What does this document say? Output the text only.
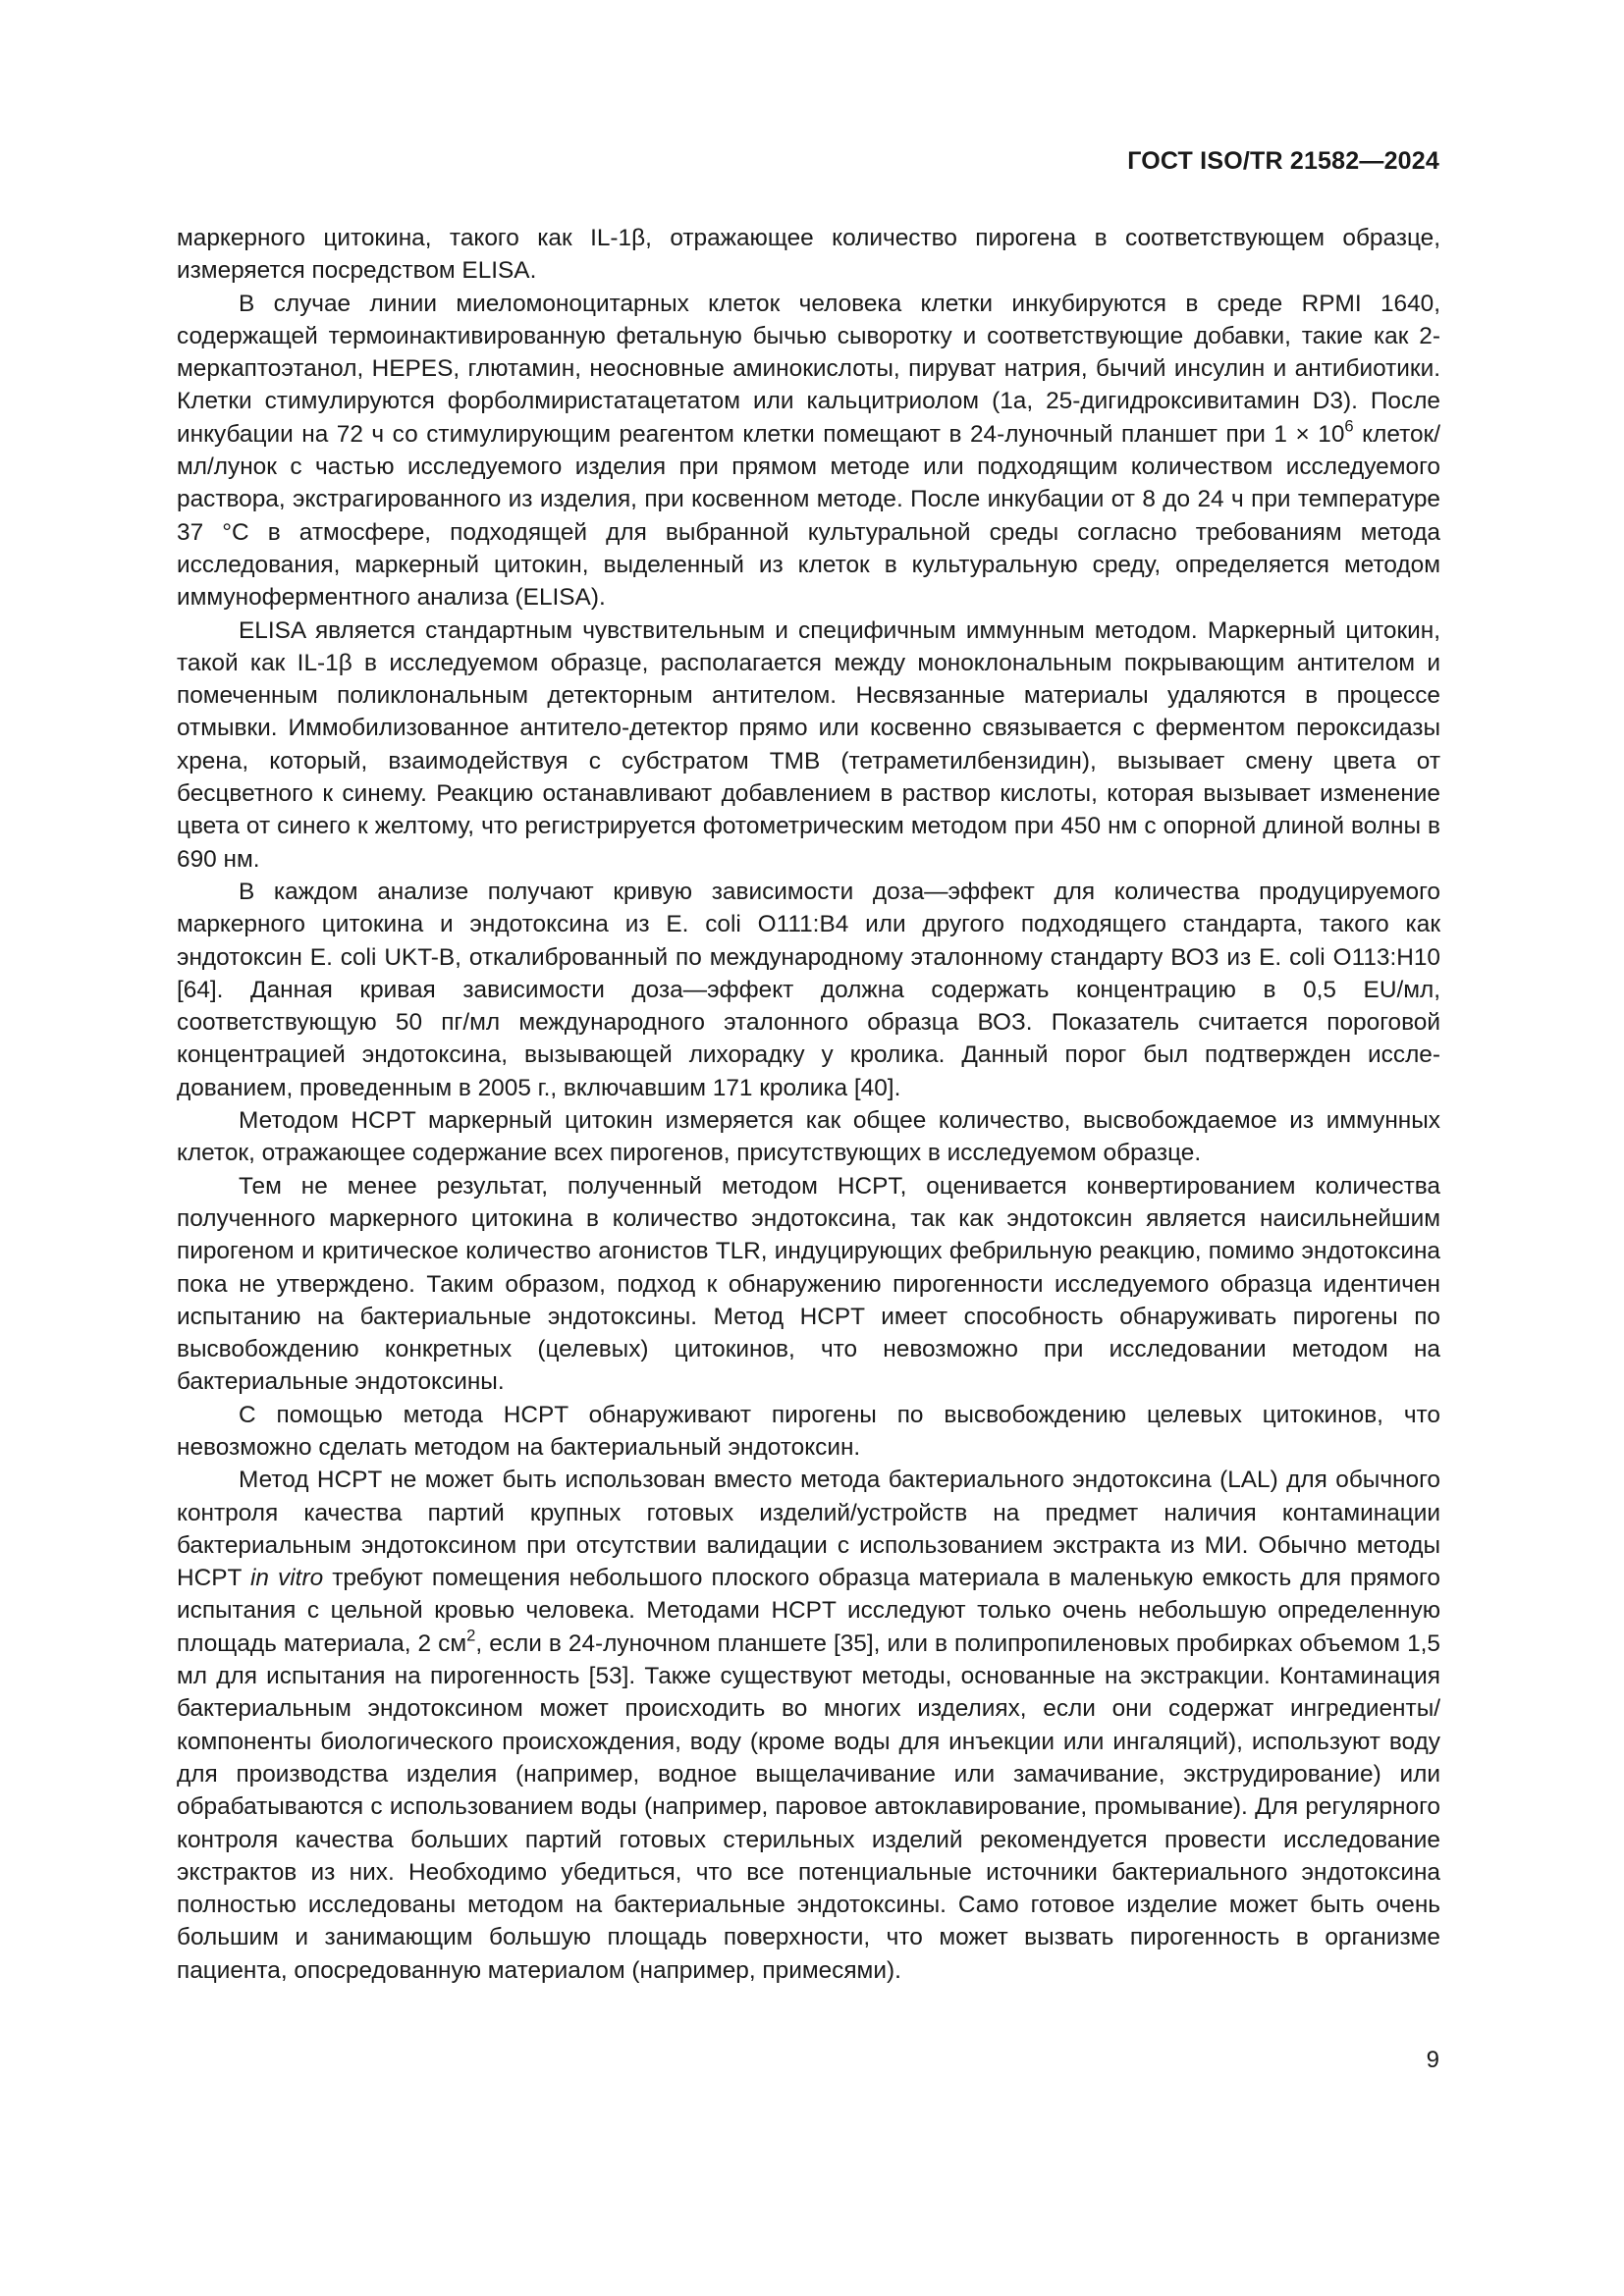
ГОСТ ISO/TR 21582—2024

маркерного цитокина, такого как IL-1β, отражающее количество пирогена в соответствующем образце, измеряется посредством ELISA.

В случае линии миеломоноцитарных клеток человека клетки инкубируются в среде RPMI 1640, содержащей термоинактивированную фетальную бычью сыворотку и соответствующие добавки, такие как 2-меркаптоэтанол, HEPES, глютамин, неосновные аминокислоты, пируват натрия, бычий инсулин и антибиотики. Клетки стимулируются форболмиристатацетатом или кальцитриолом (1а, 25-дигидроксивитамин D3). После инкубации на 72 ч со стимулирующим реагентом клетки помещают в 24-луночный планшет при $1 \times 10^6$ клеток/мл/лунок с частью исследуемого изделия при прямом методе или подходящим количеством исследуемого раствора, экстрагированного из изделия, при косвенном методе. После инкубации от 8 до 24 ч при температуре 37 °С в атмосфере, подходящей для выбранной культуральной среды согласно требованиям метода исследования, маркерный цитокин, выделенный из клеток в культуральную среду, определяется методом иммуноферментного анализа (ELISA).

ELISA является стандартным чувствительным и специфичным иммунным методом. Маркерный цитокин, такой как IL-1β в исследуемом образце, располагается между моноклональным покрывающим антителом и помеченным поликлональным детекторным антителом. Несвязанные материалы удаляются в процессе отмывки. Иммобилизованное антитело-детектор прямо или косвенно связывается с ферментом пероксидазы хрена, который, взаимодействуя с субстратом ТМВ (тетраметилбензидин), вызывает смену цвета от бесцветного к синему. Реакцию останавливают добавлением в раствор кислоты, которая вызывает изменение цвета от синего к желтому, что регистрируется фотометрическим методом при 450 нм с опорной длиной волны в 690 нм.

В каждом анализе получают кривую зависимости доза—эффект для количества продуцируемого маркерного цитокина и эндотоксина из Е. coli O111:B4 или другого подходящего стандарта, такого как эндотоксин Е. coli UKT-B, откалиброванный по международному эталонному стандарту ВОЗ из Е. coli O113:H10 [64]. Данная кривая зависимости доза—эффект должна содержать концентрацию в 0,5 EU/мл, соответствующую 50 пг/мл международного эталонного образца ВОЗ. Показатель считается пороговой концентрацией эндотоксина, вызывающей лихорадку у кролика. Данный порог был подтвержден исследованием, проведенным в 2005 г., включавшим 171 кролика [40].

Методом HCPT маркерный цитокин измеряется как общее количество, высвобождаемое из иммунных клеток, отражающее содержание всех пирогенов, присутствующих в исследуемом образце.

Тем не менее результат, полученный методом HCPT, оценивается конвертированием количества полученного маркерного цитокина в количество эндотоксина, так как эндотоксин является наисильнейшим пирогеном и критическое количество агонистов TLR, индуцирующих фебрильную реакцию, помимо эндотоксина пока не утверждено. Таким образом, подход к обнаружению пирогенности исследуемого образца идентичен испытанию на бактериальные эндотоксины. Метод HCPT имеет способность обнаруживать пирогены по высвобождению конкретных (целевых) цитокинов, что невозможно при исследовании методом на бактериальные эндотоксины.

С помощью метода HCPT обнаруживают пирогены по высвобождению целевых цитокинов, что невозможно сделать методом на бактериальный эндотоксин.

Метод HCPT не может быть использован вместо метода бактериального эндотоксина (LAL) для обычного контроля качества партий крупных готовых изделий/устройств на предмет наличия контаминации бактериальным эндотоксином при отсутствии валидации с использованием экстракта из МИ. Обычно методы HCPT in vitro требуют помещения небольшого плоского образца материала в маленькую емкость для прямого испытания с цельной кровью человека. Методами HCPT исследуют только очень небольшую определенную площадь материала, 2 $см^2$, если в 24-луночном планшете [35], или в полипропиленовых пробирках объемом 1,5 мл для испытания на пирогенность [53]. Также существуют методы, основанные на экстракции. Контаминация бактериальным эндотоксином может происходить во многих изделиях, если они содержат ингредиенты/компоненты биологического происхождения, воду (кроме воды для инъекции или ингаляций), используют воду для производства изделия (например, водное выщелачивание или замачивание, экструдирование) или обрабатываются с использованием воды (например, паровое автоклавирование, промывание). Для регулярного контроля качества больших партий готовых стерильных изделий рекомендуется провести исследование экстрактов из них. Необходимо убедиться, что все потенциальные источники бактериального эндотоксина полностью исследованы методом на бактериальные эндотоксины. Само готовое изделие может быть очень большим и занимающим большую площадь поверхности, что может вызвать пирогенность в организме пациента, опосредованную материалом (например, примесями).

9
